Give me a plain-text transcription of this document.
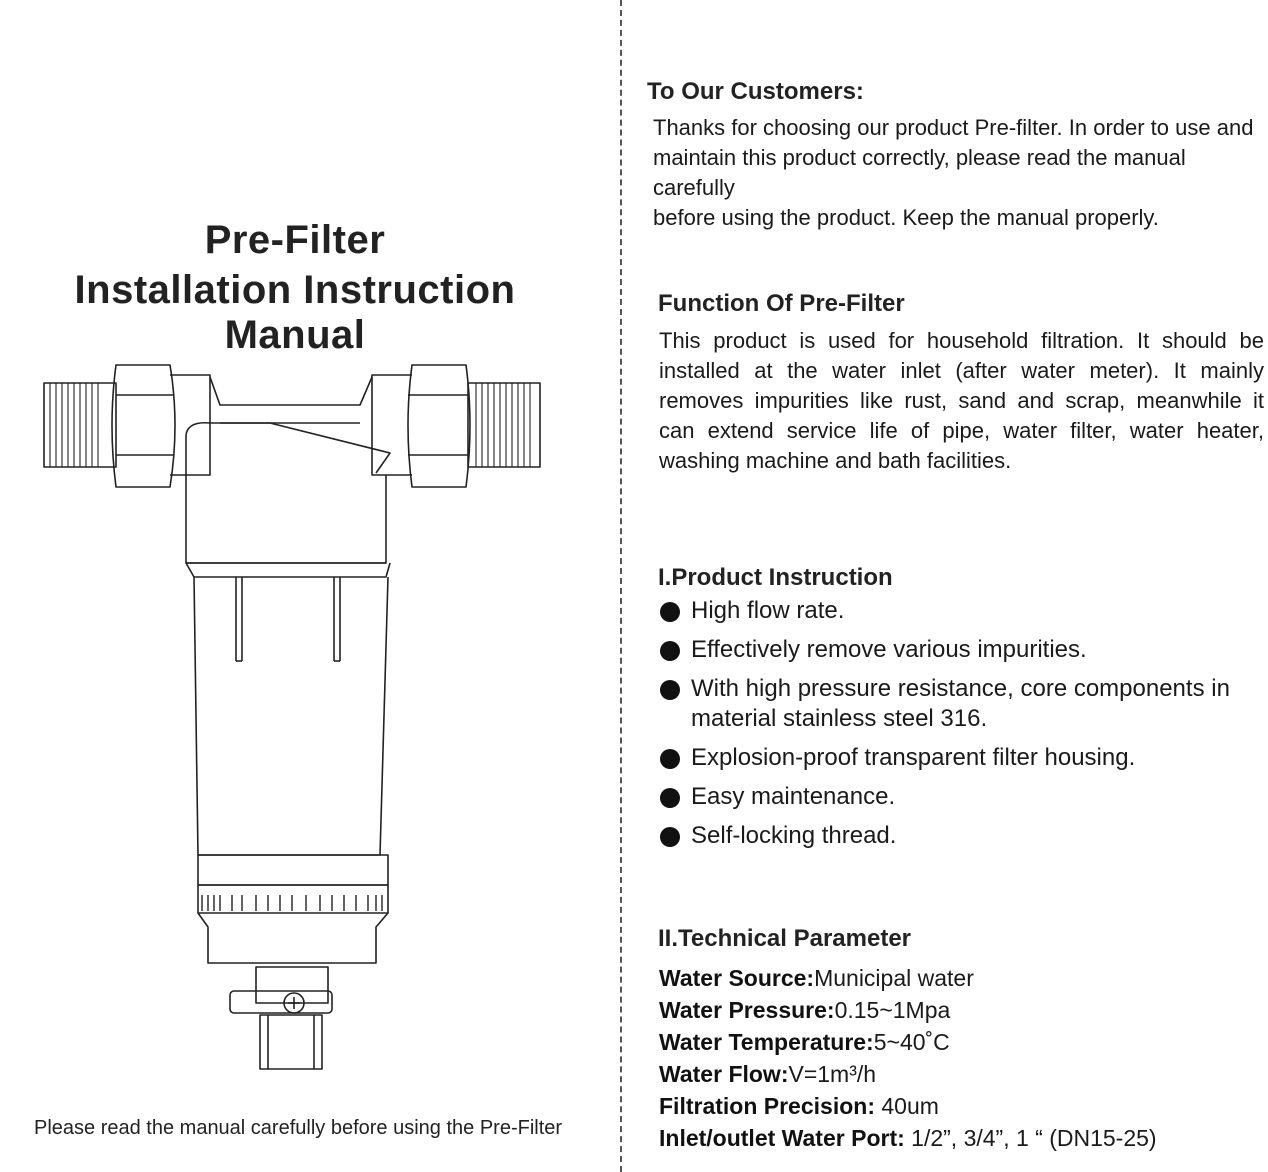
Pre-Filter
Installation Instruction Manual
Please read the manual carefully before using the Pre-Filter
To Our Customers:
Thanks for choosing our product Pre-filter. In order to use and
maintain this product correctly, please read the manual carefully
before using the product. Keep the manual properly.
Function Of Pre-Filter
This product is used for household filtration. It should be
installed at the water inlet (after water meter). It mainly
removes impurities like rust, sand and scrap, meanwhile it
can extend service life of pipe, water filter, water heater,
washing machine and bath facilities.
I.Product Instruction
High flow rate.
Effectively remove various impurities.
With high pressure resistance, core components in material stainless steel 316.
Explosion-proof transparent filter housing.
Easy maintenance.
Self-locking thread.
II.Technical Parameter
Water Source:Municipal water
Water Pressure:0.15~1Mpa
Water Temperature:5~40˚C
Water Flow:V=1m³/h
Filtration Precision: 40um
Inlet/outlet Water Port: 1/2”, 3/4”, 1 “ (DN15-25)
